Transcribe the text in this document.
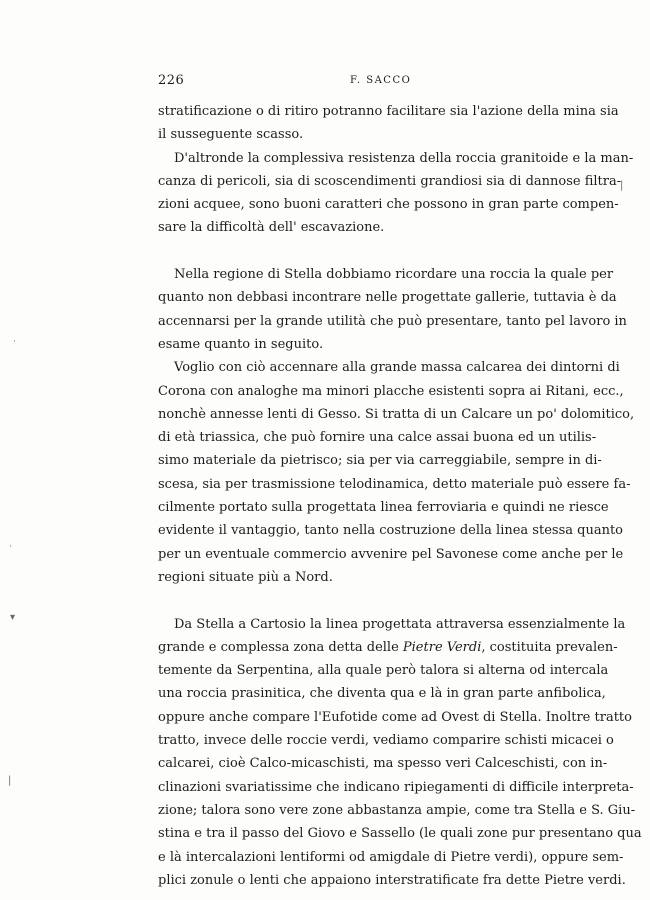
226	F. SACCO
stratificazione o di ritiro potranno facilitare sia l'azione della mina sia
il susseguente scasso.
D'altronde la complessiva resistenza della roccia granitoide e la man-
canza di pericoli, sia di scoscendimenti grandiosi sia di dannose filtra-
zioni acquee, sono buoni caratteri che possono in gran parte compen-
sare la difficoltà dell' escavazione.
Nella regione di Stella dobbiamo ricordare una roccia la quale per
quanto non debbasi incontrare nelle progettate gallerie, tuttavia è da
accennarsi per la grande utilità che può presentare, tanto pel lavoro in
esame quanto in seguito.
Voglio con ciò accennare alla grande massa calcarea dei dintorni di
Corona con analoghe ma minori placche esistenti sopra ai Ritani, ecc.,
nonchè annesse lenti di Gesso. Si tratta di un Calcare un po' dolomitico,
di età triassica, che può fornire una calce assai buona ed un utilis-
simo materiale da pietrisco; sia per via carreggiabile, sempre in di-
scesa, sia per trasmissione telodinamica, detto materiale può essere fa-
cilmente portato sulla progettata linea ferroviaria e quindi ne riesce
evidente il vantaggio, tanto nella costruzione della linea stessa quanto
per un eventuale commercio avvenire pel Savonese come anche per le
regioni situate più a Nord.
Da Stella a Cartosio la linea progettata attraversa essenzialmente la
grande e complessa zona detta delle Pietre Verdi, costituita prevalen-
temente da Serpentina, alla quale però talora si alterna od intercala
una roccia prasinitica, che diventa qua e là in gran parte anfibolica,
oppure anche compare l'Eufotide come ad Ovest di Stella. Inoltre tratto
tratto, invece delle roccie verdi, vediamo comparire schisti micacei o
calcarei, cioè Calco-micaschisti, ma spesso veri Calceschisti, con in-
clinazioni svariatissime che indicano ripiegamenti di difficile interpreta-
zione; talora sono vere zone abbastanza ampie, come tra Stella e S. Giu-
stina e tra il passo del Giovo e Sassello (le quali zone pur presentano qua
e là intercalazioni lentiformi od amigdale di Pietre verdi), oppure sem-
plici zonule o lenti che appaiono interstratificate fra dette Pietre verdi.
|
˙
˙
▾
|
